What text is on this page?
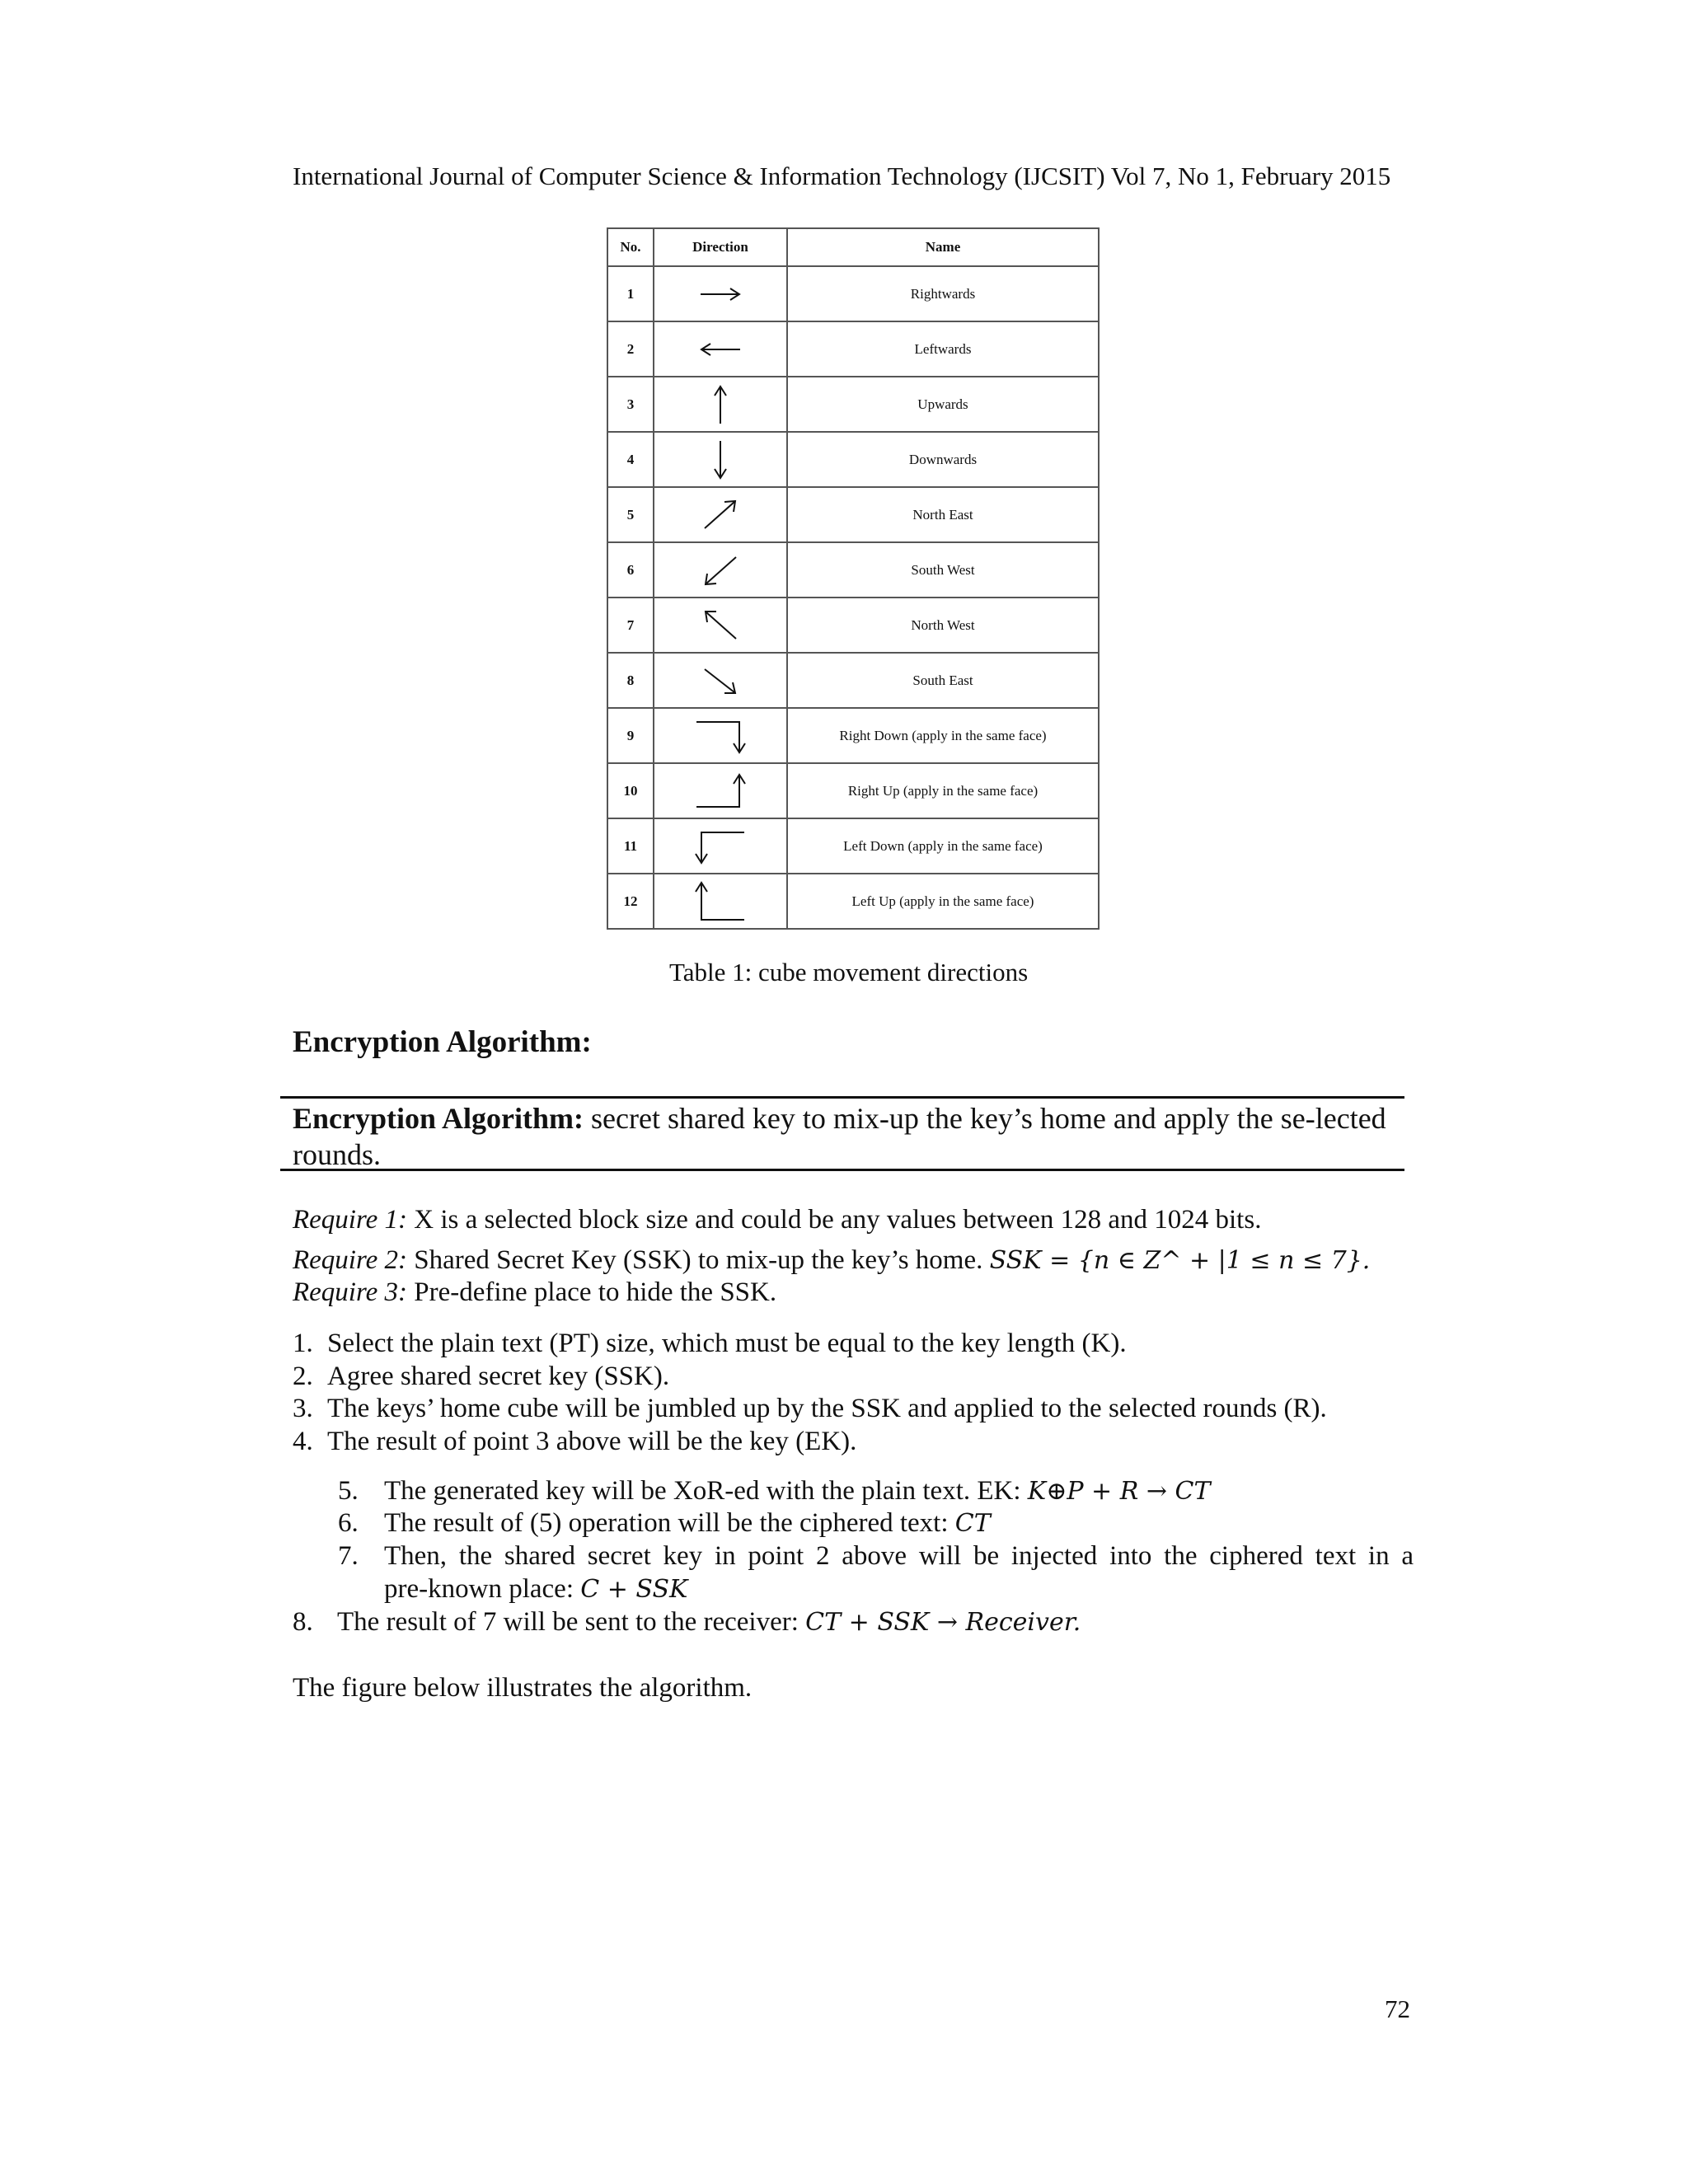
International Journal of Computer Science & Information Technology (IJCSIT) Vol 7, No 1, February 2015
No.	Direction	Name
1		Rightwards
2		Leftwards
3		Upwards
4		Downwards
5		North East
6		South West
7		North West
8		South East
9		Right Down (apply in the same face)
10		Right Up (apply in the same face)
11		Left Down (apply in the same face)
12		Left Up (apply in the same face)
Table 1: cube movement directions
Encryption Algorithm:
Encryption Algorithm: secret shared key to mix-up the key’s home and apply the se-lected rounds.
Require 1: X is a selected block size and could be any values between 128 and 1024 bits.
Require 2: Shared Secret Key (SSK) to mix-up the key’s home. SSK = {n ∈ Z^ + |1 ≤ n ≤ 7}.
Require 3: Pre-define place to hide the SSK.
1. Select the plain text (PT) size, which must be equal to the key length (K).
2. Agree shared secret key (SSK).
3. The keys’ home cube will be jumbled up by the SSK and applied to the selected rounds (R).
4. The result of point 3 above will be the key (EK).
5. The generated key will be XoR-ed with the plain text. EK: K⊕P + R → CT
6. The result of (5) operation will be the ciphered text: CT
7. Then, the shared secret key in point 2 above will be injected into the ciphered text in a
pre-known place: C + SSK
8. The result of 7 will be sent to the receiver: CT + SSK → Receiver.
The figure below illustrates the algorithm.
72
